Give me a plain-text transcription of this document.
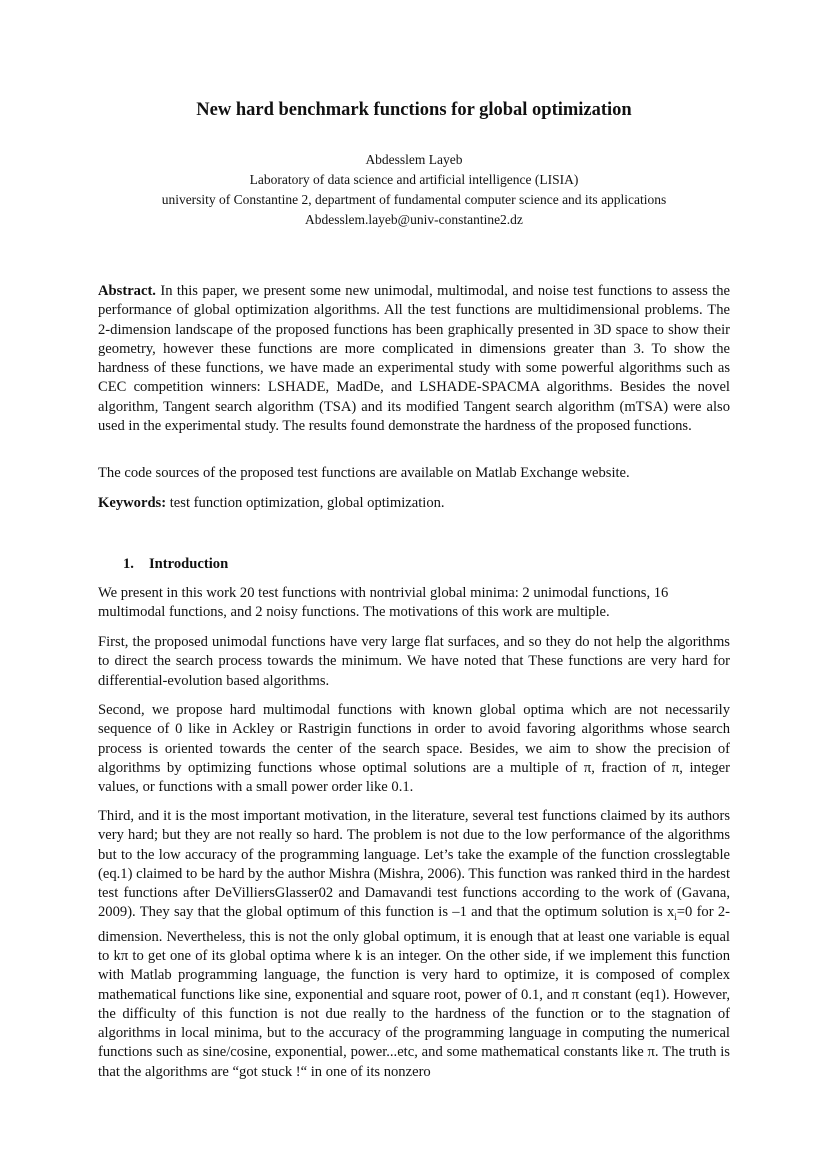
New hard benchmark functions for global optimization
Abdesslem Layeb
Laboratory of data science and artificial intelligence (LISIA)
university of Constantine 2, department of fundamental computer science and its applications
Abdesslem.layeb@univ-constantine2.dz

Abstract. In this paper, we present some new unimodal, multimodal, and noise test functions to assess the performance of global optimization algorithms. All the test functions are multidimensional problems. The 2-dimension landscape of the proposed functions has been graphically presented in 3D space to show their geometry, however these functions are more complicated in dimensions greater than 3. To show the hardness of these functions, we have made an experimental study with some powerful algorithms such as CEC competition winners: LSHADE, MadDe, and LSHADE-SPACMA algorithms. Besides the novel algorithm, Tangent search algorithm (TSA) and its modified Tangent search algorithm (mTSA) were also used in the experimental study. The results found demonstrate the hardness of the proposed functions.

The code sources of the proposed test functions are available on Matlab Exchange website.

Keywords: test function optimization, global optimization.

1. Introduction

We present in this work 20 test functions with nontrivial global minima: 2 unimodal functions, 16 multimodal functions, and 2 noisy functions. The motivations of this work are multiple.

First, the proposed unimodal functions have very large flat surfaces, and so they do not help the algorithms to direct the search process towards the minimum. We have noted that These functions are very hard for differential-evolution based algorithms.

Second, we propose hard multimodal functions with known global optima which are not necessarily sequence of 0 like in Ackley or Rastrigin functions in order to avoid favoring algorithms whose search process is oriented towards the center of the search space. Besides, we aim to show the precision of algorithms by optimizing functions whose optimal solutions are a multiple of π, fraction of π, integer values, or functions with a small power order like 0.1.

Third, and it is the most important motivation, in the literature, several test functions claimed by its authors very hard; but they are not really so hard. The problem is not due to the low performance of the algorithms but to the low accuracy of the programming language. Let’s take the example of the function crosslegtable (eq.1) claimed to be hard by the author Mishra (Mishra, 2006). This function was ranked third in the hardest test functions after DeVilliersGlasser02 and Damavandi test functions according to the work of (Gavana, 2009). They say that the global optimum of this function is –1 and that the optimum solution is $x_i=0$ for 2-dimension. Nevertheless, this is not the only global optimum, it is enough that at least one variable is equal to kπ to get one of its global optima where k is an integer. On the other side, if we implement this function with Matlab programming language, the function is very hard to optimize, it is composed of complex mathematical functions like sine, exponential and square root, power of 0.1, and π constant (eq1). However, the difficulty of this function is not due really to the hardness of the function or to the stagnation of algorithms in local minima, but to the accuracy of the programming language in computing the numerical functions such as sine/cosine, exponential, power...etc, and some mathematical constants like π. The truth is that the algorithms are “got stuck !“ in one of its nonzero
